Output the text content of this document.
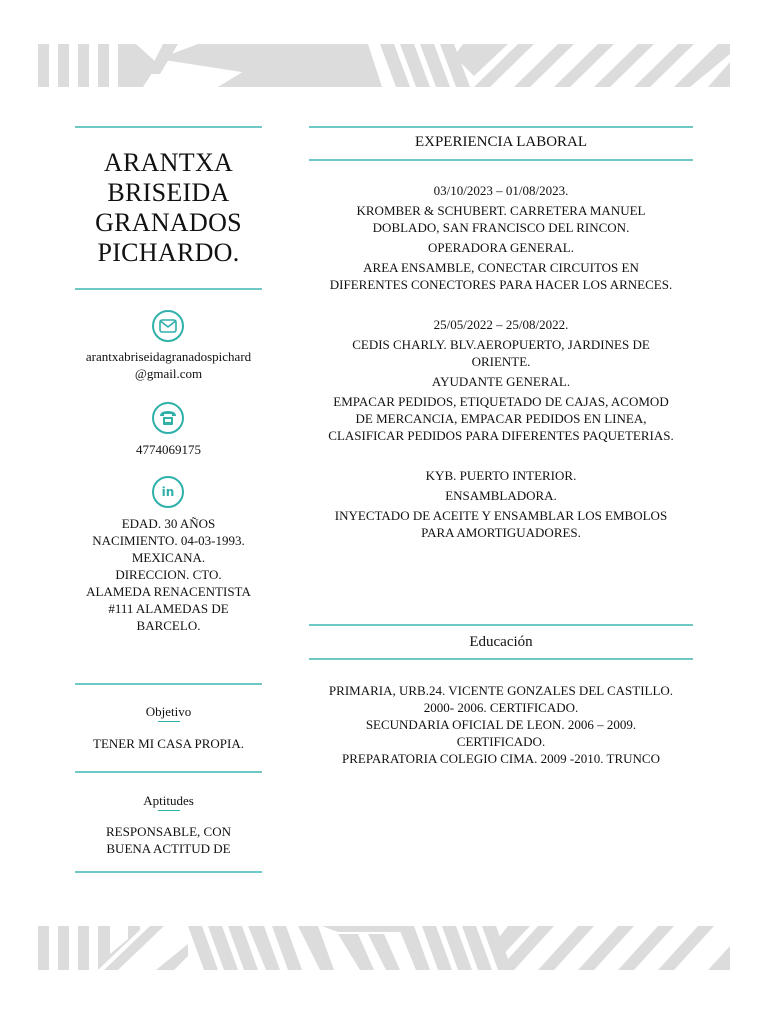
ARANTXA
BRISEIDA
GRANADOS
PICHARDO.
arantxabriseidagranadospichard
@gmail.com
4774069175
in
EDAD. 30 AÑOS
NACIMIENTO. 04-03-1993.
MEXICANA.
DIRECCION. CTO.
ALAMEDA RENACENTISTA
#111 ALAMEDAS DE
BARCELO.
Objetivo
TENER MI CASA PROPIA.
Aptitudes
RESPONSABLE, CON
BUENA ACTITUD DE
EXPERIENCIA LABORAL

03/10/2023 – 01/08/2023.

KROMBER & SCHUBERT. CARRETERA MANUEL
DOBLADO, SAN FRANCISCO DEL RINCON.

OPERADORA GENERAL.

AREA ENSAMBLE, CONECTAR CIRCUITOS EN
DIFERENTES CONECTORES PARA HACER LOS ARNECES.

25/05/2022 – 25/08/2022.

CEDIS CHARLY. BLV.AEROPUERTO, JARDINES DE
ORIENTE.

AYUDANTE GENERAL.

EMPACAR PEDIDOS, ETIQUETADO DE CAJAS, ACOMOD
DE MERCANCIA, EMPACAR PEDIDOS EN LINEA,
CLASIFICAR PEDIDOS PARA DIFERENTES PAQUETERIAS.

KYB. PUERTO INTERIOR.

ENSAMBLADORA.

INYECTADO DE ACEITE Y ENSAMBLAR LOS EMBOLOS
PARA AMORTIGUADORES.

Educación
PRIMARIA, URB.24. VICENTE GONZALES DEL CASTILLO.
2000- 2006. CERTIFICADO.
SECUNDARIA OFICIAL DE LEON. 2006 – 2009.
CERTIFICADO.
PREPARATORIA COLEGIO CIMA. 2009 -2010. TRUNCO
